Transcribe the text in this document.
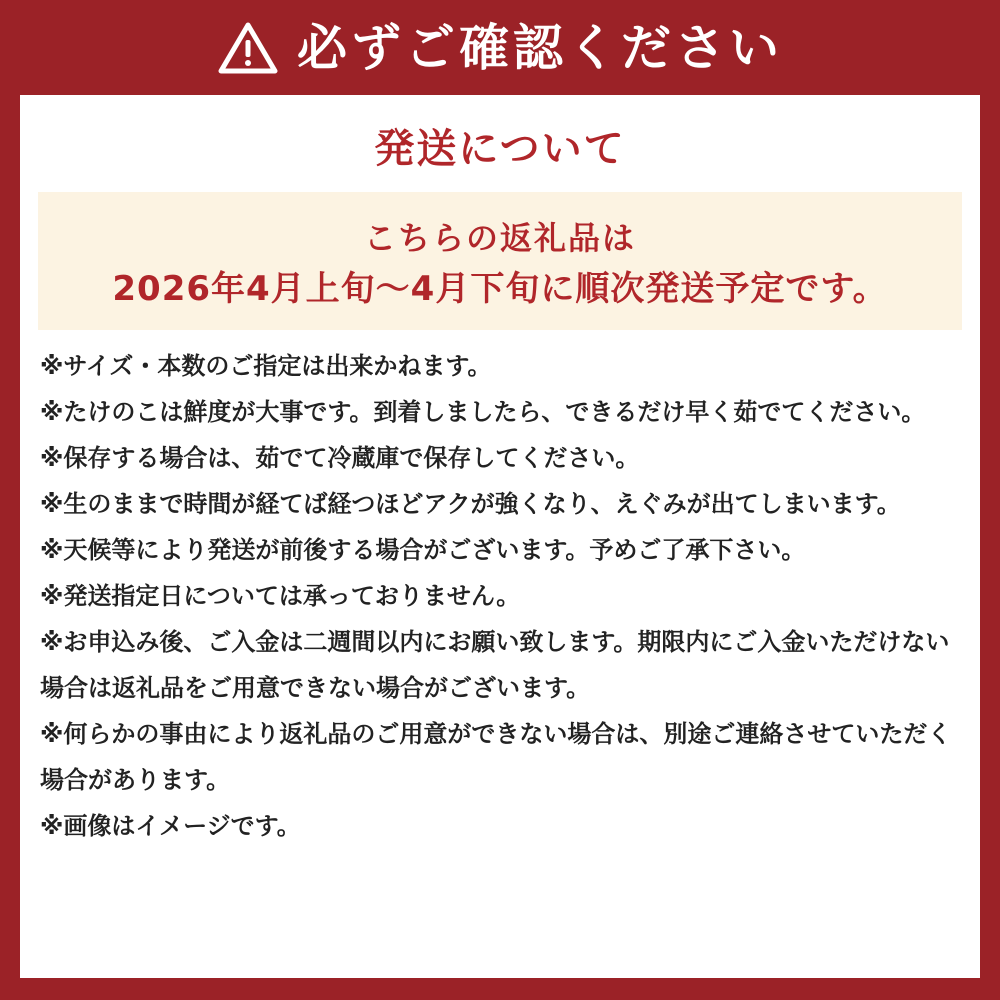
必ずご確認ください
発送について
こちらの返礼品は
2026年4月上旬〜4月下旬に順次発送予定です。
※サイズ・本数のご指定は出来かねます。
※たけのこは鮮度が大事です。到着しましたら、できるだけ早く茹でてください。
※保存する場合は、茹でて冷蔵庫で保存してください。
※生のままで時間が経てば経つほどアクが強くなり、えぐみが出てしまいます。
※天候等により発送が前後する場合がございます。予めご了承下さい。
※発送指定日については承っておりません。
※お申込み後、ご入金は二週間以内にお願い致します。期限内にご入金いただけない場合は返礼品をご用意できない場合がございます。
※何らかの事由により返礼品のご用意ができない場合は、別途ご連絡させていただく場合があります。
※画像はイメージです。
